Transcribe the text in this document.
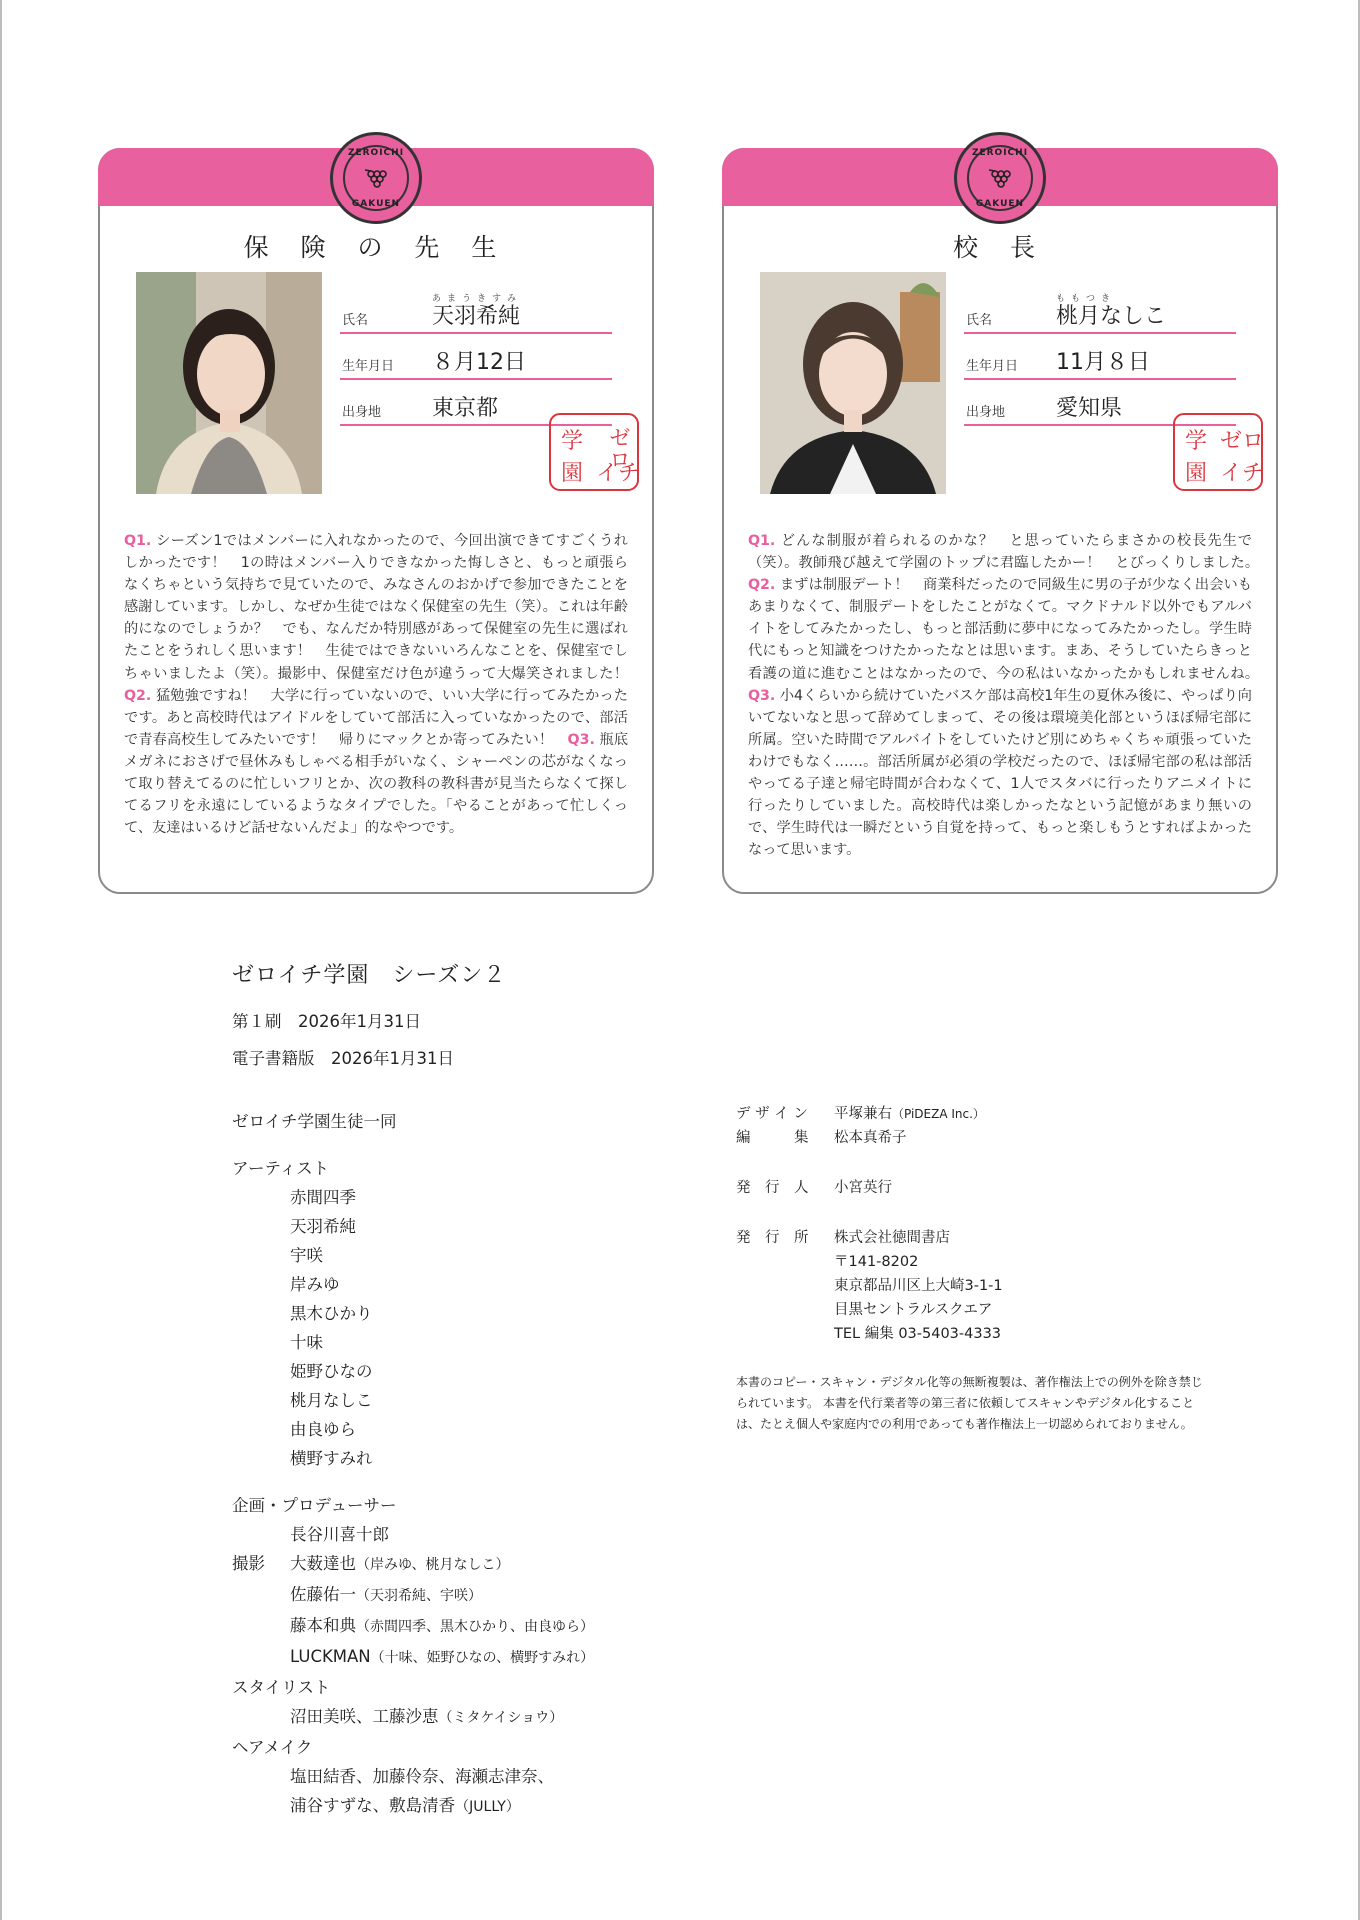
ZEROICHI
GAKUEN
保 険 の 先 生
あまうきすみ
氏名	天羽希純
生年月日 ８月12日
出身地 東京都
ゼロ
イチ
学
園
Q1. シーズン1ではメンバーに入れなかったので、今回出演できてすごくうれしかったです！　1の時はメンバー入りできなかった悔しさと、もっと頑張らなくちゃという気持ちで見ていたので、みなさんのおかげで参加できたことを感謝しています。しかし、なぜか生徒ではなく保健室の先生（笑）。これは年齢的になのでしょうか？　でも、なんだか特別感があって保健室の先生に選ばれたことをうれしく思います！　生徒ではできないいろんなことを、保健室でしちゃいましたよ（笑）。撮影中、保健室だけ色が違うって大爆笑されました！　Q2. 猛勉強ですね！　大学に行っていないので、いい大学に行ってみたかったです。あと高校時代はアイドルをしていて部活に入っていなかったので、部活で青春高校生してみたいです！　帰りにマックとか寄ってみたい！　Q3. 瓶底メガネにおさげで昼休みもしゃべる相手がいなく、シャーペンの芯がなくなって取り替えてるのに忙しいフリとか、次の教科の教科書が見当たらなくて探してるフリを永遠にしているようなタイプでした。「やることがあって忙しくって、友達はいるけど話せないんだよ」的なやつです。
ZEROICHI
GAKUEN
校 長
ももつき
氏名	桃月なしこ
生年月日 11月８日
出身地 愛知県
ゼロ
イチ
学
園
Q1. どんな制服が着られるのかな？　と思っていたらまさかの校長先生で（笑）。教師飛び越えて学園のトップに君臨したかー！　とびっくりしました。　Q2. まずは制服デート！　商業科だったので同級生に男の子が少なく出会いもあまりなくて、制服デートをしたことがなくて。マクドナルド以外でもアルバイトをしてみたかったし、もっと部活動に夢中になってみたかったし。学生時代にもっと知識をつけたかったなとは思います。まあ、そうしていたらきっと看護の道に進むことはなかったので、今の私はいなかったかもしれませんね。　Q3. 小4くらいから続けていたバスケ部は高校1年生の夏休み後に、やっぱり向いてないなと思って辞めてしまって、その後は環境美化部というほぼ帰宅部に所属。空いた時間でアルバイトをしていたけど別にめちゃくちゃ頑張っていたわけでもなく……。部活所属が必須の学校だったので、ほぼ帰宅部の私は部活やってる子達と帰宅時間が合わなくて、1人でスタバに行ったりアニメイトに行ったりしていました。高校時代は楽しかったなという記憶があまり無いので、学生時代は一瞬だという自覚を持って、もっと楽しもうとすればよかったなって思います。
ゼロイチ学園　シーズン２
第１刷　2026年1月31日
電子書籍版　2026年1月31日
ゼロイチ学園生徒一同
アーティスト
赤間四季
天羽希純
宇咲
岸みゆ
黒木ひかり
十味
姫野ひなの
桃月なしこ
由良ゆら
横野すみれ
企画・プロデューサー
長谷川喜十郎
撮影	大薮達也（岸みゆ、桃月なしこ）
佐藤佑一（天羽希純、宇咲）
藤本和典（赤間四季、黒木ひかり、由良ゆら）
LUCKMAN（十味、姫野ひなの、横野すみれ）
スタイリスト
沼田美咲、工藤沙恵（ミタケイショウ）
ヘアメイク
塩田結香、加藤伶奈、海瀬志津奈、
浦谷すずな、敷島清香（JULLY）
デ ザ イ ン	平塚兼右（PiDEZA Inc.）
編　　　集	松本真希子
発　行　人	小宮英行
発　行　所	株式会社徳間書店
〒141-8202
東京都品川区上大崎3-1-1
目黒セントラルスクエア
TEL 編集 03-5403-4333
本書のコピー・スキャン・デジタル化等の無断複製は、著作権法上での例外を除き禁じられています。 本書を代行業者等の第三者に依頼してスキャンやデジタル化することは、たとえ個人や家庭内での利用であっても著作権法上一切認められておりません。
